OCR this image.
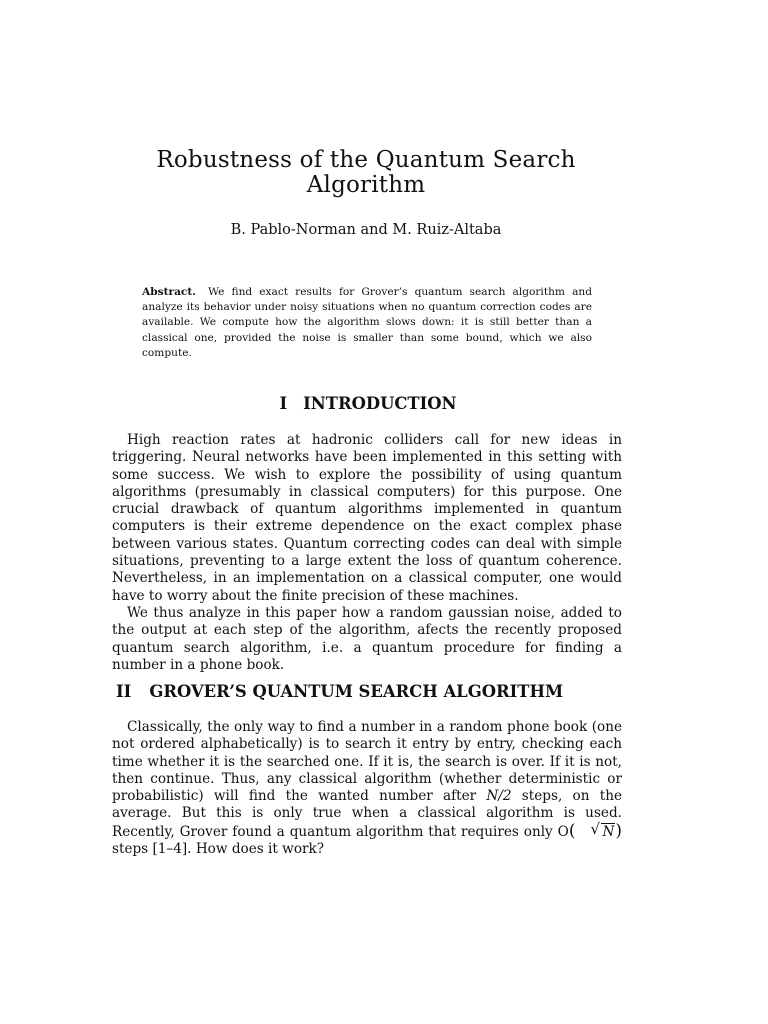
Robustness of the Quantum Search
Algorithm
B. Pablo-Norman and M. Ruiz-Altaba
Abstract. We find exact results for Grover’s quantum search algorithm and analyze its behavior under noisy situations when no quantum correction codes are available. We compute how the algorithm slows down: it is still better than a classical one, provided the noise is smaller than some bound, which we also compute.
I INTRODUCTION

High reaction rates at hadronic colliders call for new ideas in triggering. Neural networks have been implemented in this setting with some success. We wish to explore the possibility of using quantum algorithms (presumably in classical computers) for this purpose. One crucial drawback of quantum algorithms implemented in quantum computers is their extreme dependence on the exact complex phase between various states. Quantum correcting codes can deal with simple situations, preventing to a large extent the loss of quantum coherence. Nevertheless, in an implementation on a classical computer, one would have to worry about the finite precision of these machines.

We thus analyze in this paper how a random gaussian noise, added to the output at each step of the algorithm, afects the recently proposed quantum search algorithm, i.e. a quantum procedure for finding a number in a phone book.

II GROVER’S QUANTUM SEARCH ALGORITHM

Classically, the only way to find a number in a random phone book (one not ordered alphabetically) is to search it entry by entry, checking each time whether it is the searched one. If it is, the search is over. If it is not, then continue. Thus, any classical algorithm (whether deterministic or probabilistic) will find the wanted number after N/2 steps, on the average. But this is only true when a classical algorithm is used. Recently, Grover found a quantum algorithm that requires only O(	√ N) steps [1–4]. How does it work?
